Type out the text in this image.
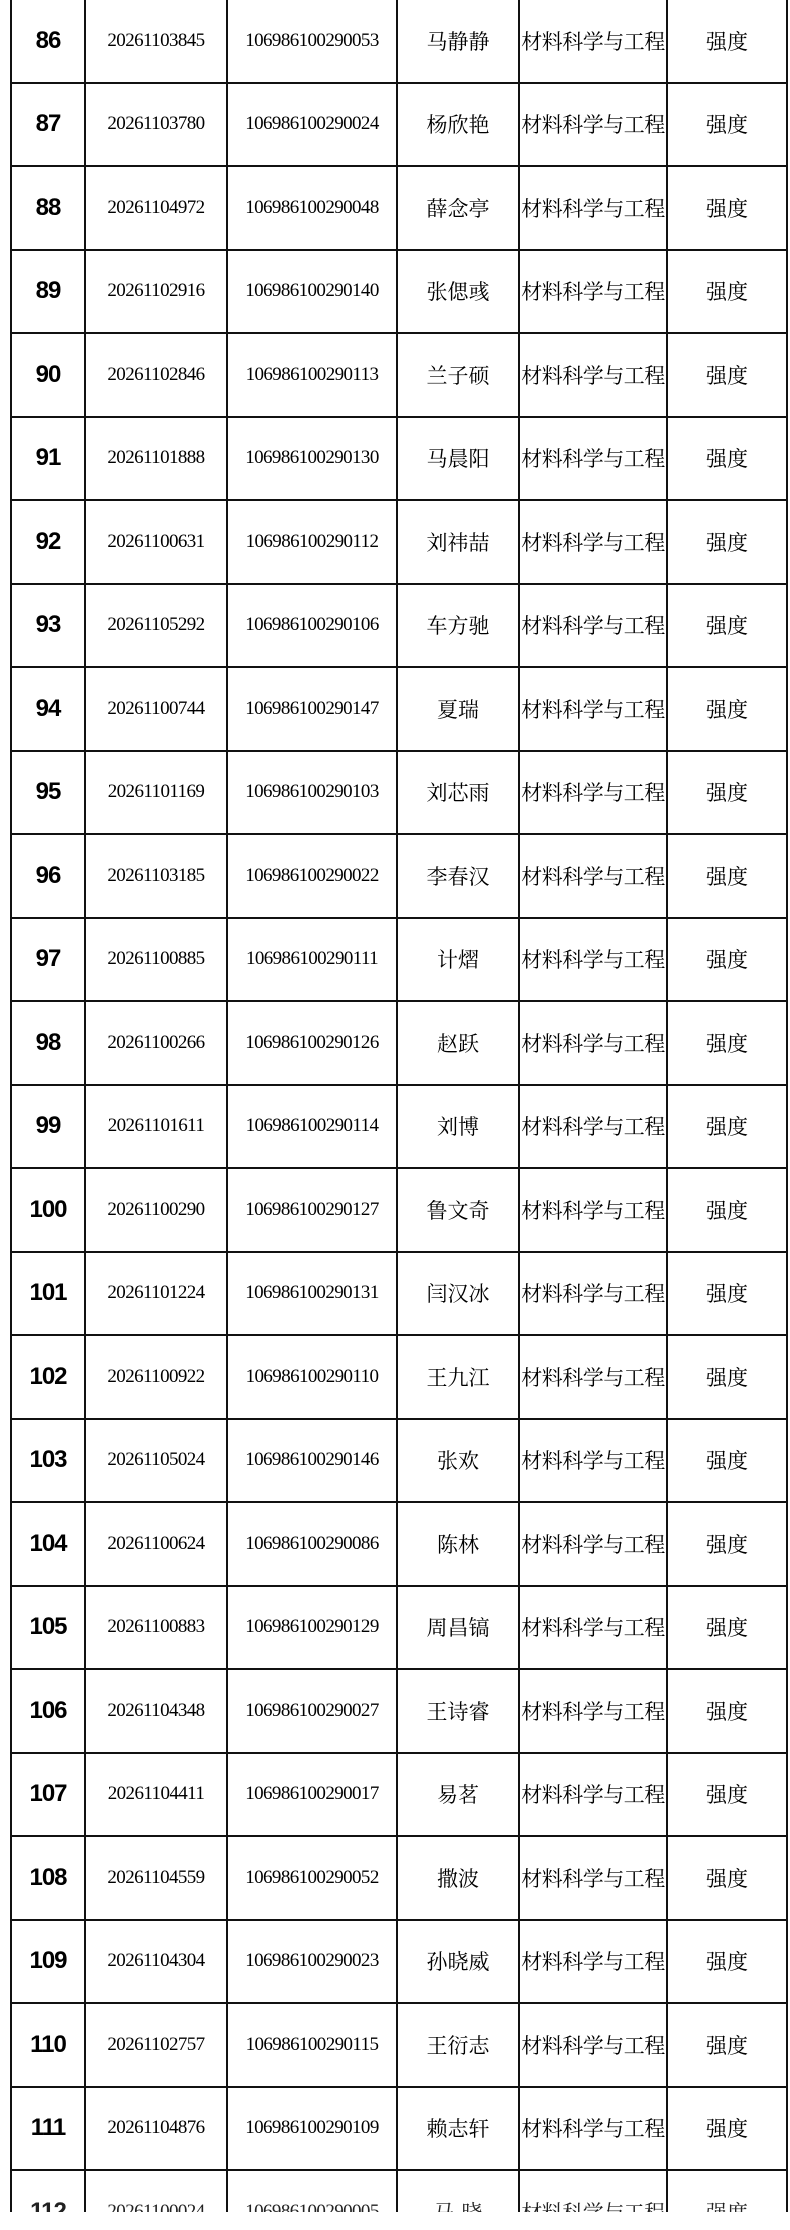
86	20261103845	106986100290053	马静静	材料科学与工程	强度
87	20261103780	106986100290024	杨欣艳	材料科学与工程	强度
88	20261104972	106986100290048	薛念亭	材料科学与工程	强度
89	20261102916	106986100290140	张偲彧	材料科学与工程	强度
90	20261102846	106986100290113	兰子硕	材料科学与工程	强度
91	20261101888	106986100290130	马晨阳	材料科学与工程	强度
92	20261100631	106986100290112	刘祎喆	材料科学与工程	强度
93	20261105292	106986100290106	车方驰	材料科学与工程	强度
94	20261100744	106986100290147	夏瑞	材料科学与工程	强度
95	20261101169	106986100290103	刘芯雨	材料科学与工程	强度
96	20261103185	106986100290022	李春汉	材料科学与工程	强度
97	20261100885	106986100290111	计熠	材料科学与工程	强度
98	20261100266	106986100290126	赵跃	材料科学与工程	强度
99	20261101611	106986100290114	刘博	材料科学与工程	强度
100	20261100290	106986100290127	鲁文奇	材料科学与工程	强度
101	20261101224	106986100290131	闫汉冰	材料科学与工程	强度
102	20261100922	106986100290110	王九江	材料科学与工程	强度
103	20261105024	106986100290146	张欢	材料科学与工程	强度
104	20261100624	106986100290086	陈林	材料科学与工程	强度
105	20261100883	106986100290129	周昌镐	材料科学与工程	强度
106	20261104348	106986100290027	王诗睿	材料科学与工程	强度
107	20261104411	106986100290017	易茗	材料科学与工程	强度
108	20261104559	106986100290052	撒波	材料科学与工程	强度
109	20261104304	106986100290023	孙晓威	材料科学与工程	强度
110	20261102757	106986100290115	王衍志	材料科学与工程	强度
111	20261104876	106986100290109	赖志轩	材料科学与工程	强度
